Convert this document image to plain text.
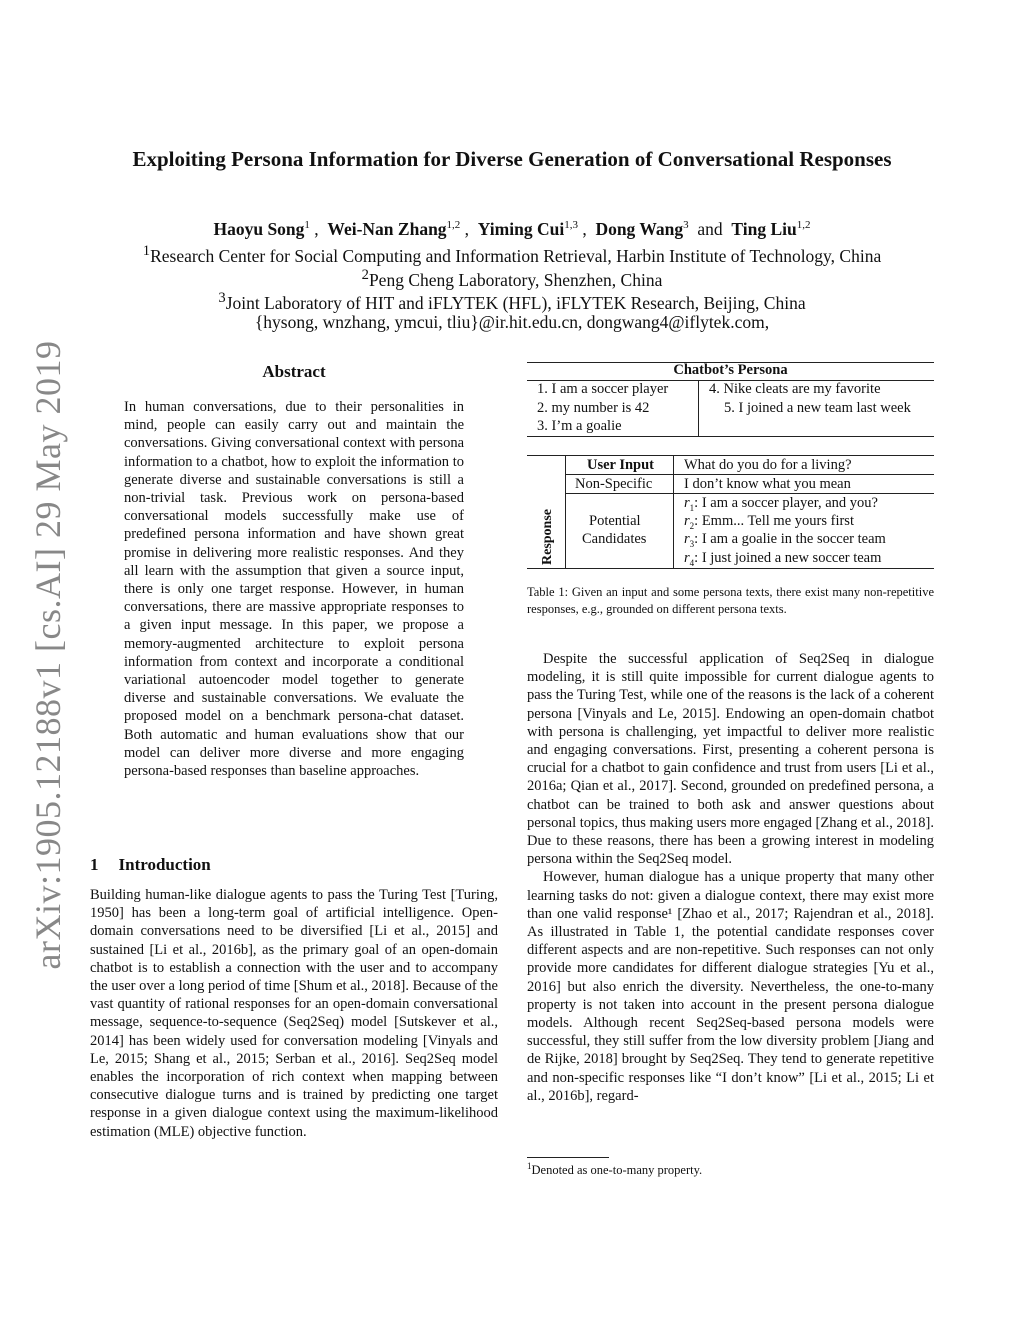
Exploiting Persona Information for Diverse Generation of Conversational Responses
Haoyu Song$^1$ ,  Wei-Nan Zhang$^{1,2}$ ,  Yiming Cui$^{1,3}$ ,  Dong Wang$^3$ and Ting Liu$^{1,2}$
$^1$Research Center for Social Computing and Information Retrieval, Harbin Institute of Technology, China
$^2$Peng Cheng Laboratory, Shenzhen, China
$^3$Joint Laboratory of HIT and iFLYTEK (HFL), iFLYTEK Research, Beijing, China
{hysong, wnzhang, ymcui, tliu}@ir.hit.edu.cn, dongwang4@iflytek.com,
arXiv:1905.12188v1 [cs.AI] 29 May 2019	Abstract
In human conversations, due to their personalities in mind, people can easily carry out and maintain the conversations. Giving conversational context with persona information to a chatbot, how to exploit the information to generate diverse and sustainable conversations is still a non-trivial task. Previous work on persona-based conversational models successfully make use of predefined persona information and have shown great promise in delivering more realistic responses. And they all learn with the assumption that given a source input, there is only one target response. However, in human conversations, there are massive appropriate responses to a given input message. In this paper, we propose a memory-augmented architecture to exploit persona information from context and incorporate a conditional variational autoencoder model together to generate diverse and sustainable conversations. We evaluate the proposed model on a benchmark persona-chat dataset. Both automatic and human evaluations show that our model can deliver more diverse and more engaging persona-based responses than baseline approaches.
1 Introduction

Building human-like dialogue agents to pass the Turing Test [Turing, 1950] has been a long-term goal of artificial intelligence. Open-domain conversations need to be diversified [Li et al., 2015] and sustained [Li et al., 2016b], as the primary goal of an open-domain chatbot is to establish a connection with the user and to accompany the user over a long period of time [Shum et al., 2018]. Because of the vast quantity of rational responses for an open-domain conversational message, sequence-to-sequence (Seq2Seq) model [Sutskever et al., 2014] has been widely used for conversation modeling [Vinyals and Le, 2015; Shang et al., 2015; Serban et al., 2016]. Seq2Seq model enables the incorporation of rich context when mapping between consecutive dialogue turns and is trained by predicting one target response in a given dialogue context using the maximum-likelihood estimation (MLE) objective function.

Chatbot’s Persona
1. I am a soccer player
2. my number is 42
3. I’m a goalie
4. Nike cleats are my favorite
5. I joined a new team last week
User Input What do you do for a living?
Non-Specific I don’t know what you mean
Response Potential
Candidates
$r_1$: I am a soccer player, and you?
$r_2$: Emm... Tell me yours first
$r_3$: I am a goalie in the soccer team
$r_4$: I just joined a new soccer team
Table 1: Given an input and some persona texts, there exist many non-repetitive responses, e.g., grounded on different persona texts.

Despite the successful application of Seq2Seq in dialogue modeling, it is still quite impossible for current dialogue agents to pass the Turing Test, while one of the reasons is the lack of a coherent persona [Vinyals and Le, 2015]. Endowing an open-domain chatbot with persona is challenging, yet impactful to deliver more realistic and engaging conversations. First, presenting a coherent persona is crucial for a chatbot to gain confidence and trust from users [Li et al., 2016a; Qian et al., 2017]. Second, grounded on predefined persona, a chatbot can be trained to both ask and answer questions about personal topics, thus making users more engaged [Zhang et al., 2018]. Due to these reasons, there has been a growing interest in modeling persona within the Seq2Seq model.

However, human dialogue has a unique property that many other learning tasks do not: given a dialogue context, there may exist more than one valid response¹ [Zhao et al., 2017; Rajendran et al., 2018]. As illustrated in Table 1, the potential candidate responses cover different aspects and are non-repetitive. Such responses can not only provide more candidates for different dialogue strategies [Yu et al., 2016] but also enrich the diversity. Nevertheless, the one-to-many property is not taken into account in the present persona dialogue models. Although recent Seq2Seq-based persona models were successful, they still suffer from the low diversity problem [Jiang and de Rijke, 2018] brought by Seq2Seq. They tend to generate repetitive and non-specific responses like “I don’t know” [Li et al., 2015; Li et al., 2016b], regard-

$^1$Denoted as one-to-many property.
